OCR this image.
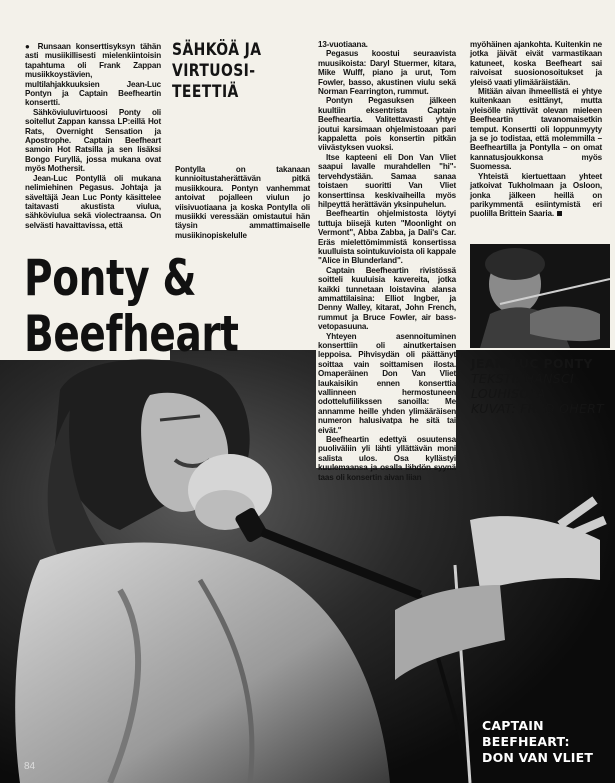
● Runsaan konserttisyksyn tähän asti musiikillisesti mielenkiintoisin tapahtuma oli Frank Zappan musiikkoystävien, multilahjakkuuksien Jean-Luc Pontyn ja Captain Beefheartin konsertti.

Sähköviuluvirtuoosi Ponty oli soitellut Zappan kanssa LP:eillä Hot Rats, Overnight Sensation ja Apostrophe. Captain Beefheart samoin Hot Ratsilla ja sen lisäksi Bongo Furyllä, jossa mukana ovat myös Mothersit.

Jean-Luc Pontyllä oli mukana nelimiehinen Pegasus. Johtaja ja säveltäjä Jean Luc Ponty käsittelee taitavasti akustista viulua, sähköviulua sekä violectraansa. On selvästi havaittavissa, että

SÄHKÖÄ JA VIRTUOSI-TEETTIÄ

Pontylla on takanaan kunnioitustaherättävän pitkä musiikkoura. Pontyn vanhemmat antoivat pojalleen viulun jo viisivuotiaana ja koska Pontylla oli musiikki veressään omistautui hän täysin ammattimaiselle musiikinopiskelulle

Ponty &
Beefheart

13-vuotiaana.

Pegasus koostui seuraavista muusikoista: Daryl Stuermer, kitara, Mike Wulff, piano ja urut, Tom Fowler, basso, akustinen viulu sekä Norman Fearrington, rummut.

Pontyn Pegasuksen jälkeen kuultiin eksentrista Captain Beefheartia. Valitettavasti yhtye joutui karsimaan ohjelmistoaan pari kappaletta pois konsertin pitkän viivästyksen vuoksi.

Itse kapteeni eli Don Van Vliet saapui lavalle murahdellen "hi"-tervehdystään. Samaa sanaa toistaen suoritti Van Vliet konserttinsa keskivaiheilla myös hilpeyttä herättävän yksinpuhelun.

Beefheartin ohjelmistosta löytyi tuttuja biisejä kuten "Moonlight on Vermont", Abba Zabba, ja Dali's Car. Eräs mielettömimmistä konsertissa kuulluista sointukuvioista oli kappale "Alice in Blunderland".

Captain Beefheartin rivistössä soitteli kuuluisia kavereita, jotka kaikki tunnetaan loistavina alansa ammattilaisina: Elliot Ingber, ja Denny Walley, kitarat, John French, rummut ja Bruce Fowler, air bass-vetopasuuna.

Yhteyen asennoituminen konserttiin oli ainutkertaisen leppoisa. Pihvisydän oli päättänyt soittaa vain soittamisen ilosta. Omaperäinen Don Van Vliet laukaisikin ennen konserttia vallinneen hermostuneen odottelufiilikssen sanoilla: Me annamme heille yhden ylimääräisen numeron halusivatpa he sitä tai eivät."

Beefheartin edettyä osuutensa puoliväliin yli lähti yllättävän moni salista ulos. Osa kyllästyi kuulemaansa ja osalla lähdön syynä taas oli konsertin aivan liian

myöhäinen ajankohta. Kuitenkin ne jotka jäivät eivät varmastikaan katuneet, koska Beefheart sai raivoisat suosionosoitukset ja yleisö vaati ylimääräistään.

Mitään aivan ihmeellistä ei yhtye kuitenkaan esittänyt, mutta yleisölle näyttivät olevan mieleen Beefheartin tavanomaisetkin temput. Konsertti oli loppunmyyty ja se jo todistaa, että molemmilla – Beefheartilla ja Pontylla – on omat kannatusjoukkonsa myös Suomessa.

Yhteistä kiertuettaan yhteet jatkoivat Tukholmaan ja Osloon, jonka jälkeen heillä on parikymmentä esiintymistä eri puolilla Brittein Saaria.

JEAN-LUC PONTY
TEKSTI: HANSCI
LOUHISOLA
KUVAT: FRED OHERT
CAPTAIN BEEFHEART:
DON VAN VLIET
84
